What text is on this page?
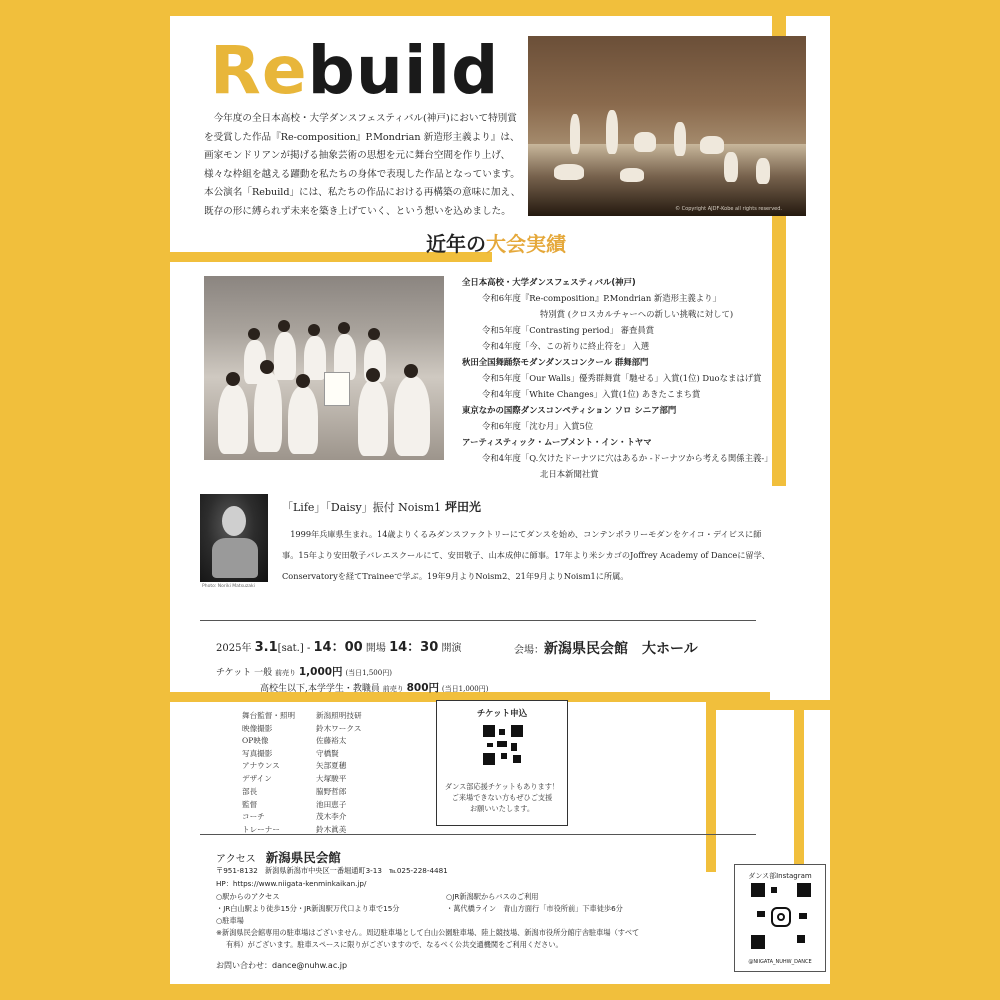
Rebuild

今年度の全日本高校・大学ダンスフェスティバル(神戸)において特別賞を受賞した作品『Re-composition』P.Mondrian 新造形主義より』は、画家モンドリアンが掲げる抽象芸術の思想を元に舞台空間を作り上げ、様々な枠組を越える躍動を私たちの身体で表現した作品となっています。本公演名「Rebuild」には、私たちの作品における再構築の意味に加え、既存の形に縛られず未来を築き上げていく、という想いを込めました。	© Copyright AJDF-Kobe all rights reserved.
近年の大会実績
全日本高校・大学ダンスフェスティバル(神戸)
令和6年度『Re-composition』P.Mondrian 新造形主義より」
特別賞 (クロスカルチャーへの新しい挑戦に対して)
令和5年度「Contrasting period」 審査員賞
令和4年度「今、この祈りに終止符を」 入選
秋田全国舞踊祭モダンダンスコンクール 群舞部門
令和5年度「Our Walls」優秀群舞賞「馳せる」入賞(1位) Duoなまはげ賞
令和4年度「White Changes」入賞(1位) あきたこまち賞
東京なかの国際ダンスコンペティション ソロ シニア部門
令和6年度「沈む月」入賞5位
アーティスティック・ムーブメント・イン・トヤマ
令和4年度「Q.欠けたドーナツに穴はあるか -ドーナツから考える関係主義-」
北日本新聞社賞
Photo: Noriki Matsuzaki
「Life」「Daisy」振付 Noism1 坪田光

1999年兵庫県生まれ。14歳よりくるみダンスファクトリーにてダンスを始め、コンテンポラリーモダンをケイコ・デイビスに師事。15年より安田敬子バレエスクールにて、安田敬子、山本成伸に師事。17年より米シカゴのJoffrey Academy of Danceに留学、Conservatoryを経てTraineeで学ぶ。19年9月よりNoism2、21年9月よりNoism1に所属。

2025年 3.1[sat.] - 14：00 開場 14：30 開演	会場：新潟県民会館　大ホール
チケット 一般 前売り 1,000円 (当日1,500円)
高校生以下,本学学生・教職員 前売り 800円 (当日1,000円)
舞台監督・照明
映像撮影
OP映像
写真撮影
アナウンス
デザイン
新潟照明技研
鈴木ワークス
佐藤裕太
守橋賢
矢部夏穂
大塚駿平
部長
監督
コーチ
トレーナー
脇野哲郎
池田恵子
茂木李介
鈴木眞美
チケット申込
ダンス部応援チケットもあります！
ご来場できない方もぜひご支援
お願いいたします。
アクセス　 新潟県民会館
〒951-8132　新潟県新潟市中央区一番堀通町3-13　℡025-228-4481
HP：https://www.niigata-kenminkaikan.jp/
○駅からのアクセス
・JR白山駅より徒歩15分・JR新潟駅万代口より車で15分
○JR新潟駅からバスのご利用
・萬代橋ライン　青山方面行「市役所前」下車徒歩6分
○駐車場
※新潟県民会館専用の駐車場はございません。周辺駐車場として白山公園駐車場、陸上競技場、新潟市役所分館庁舎駐車場（すべて
有料）がございます。駐車スペースに限りがございますので、なるべく公共交通機関をご利用ください。
お問い合わせ：dance@nuhw.ac.jp
ダンス部Instagram
@NIIGATA_NUHW_DANCE
